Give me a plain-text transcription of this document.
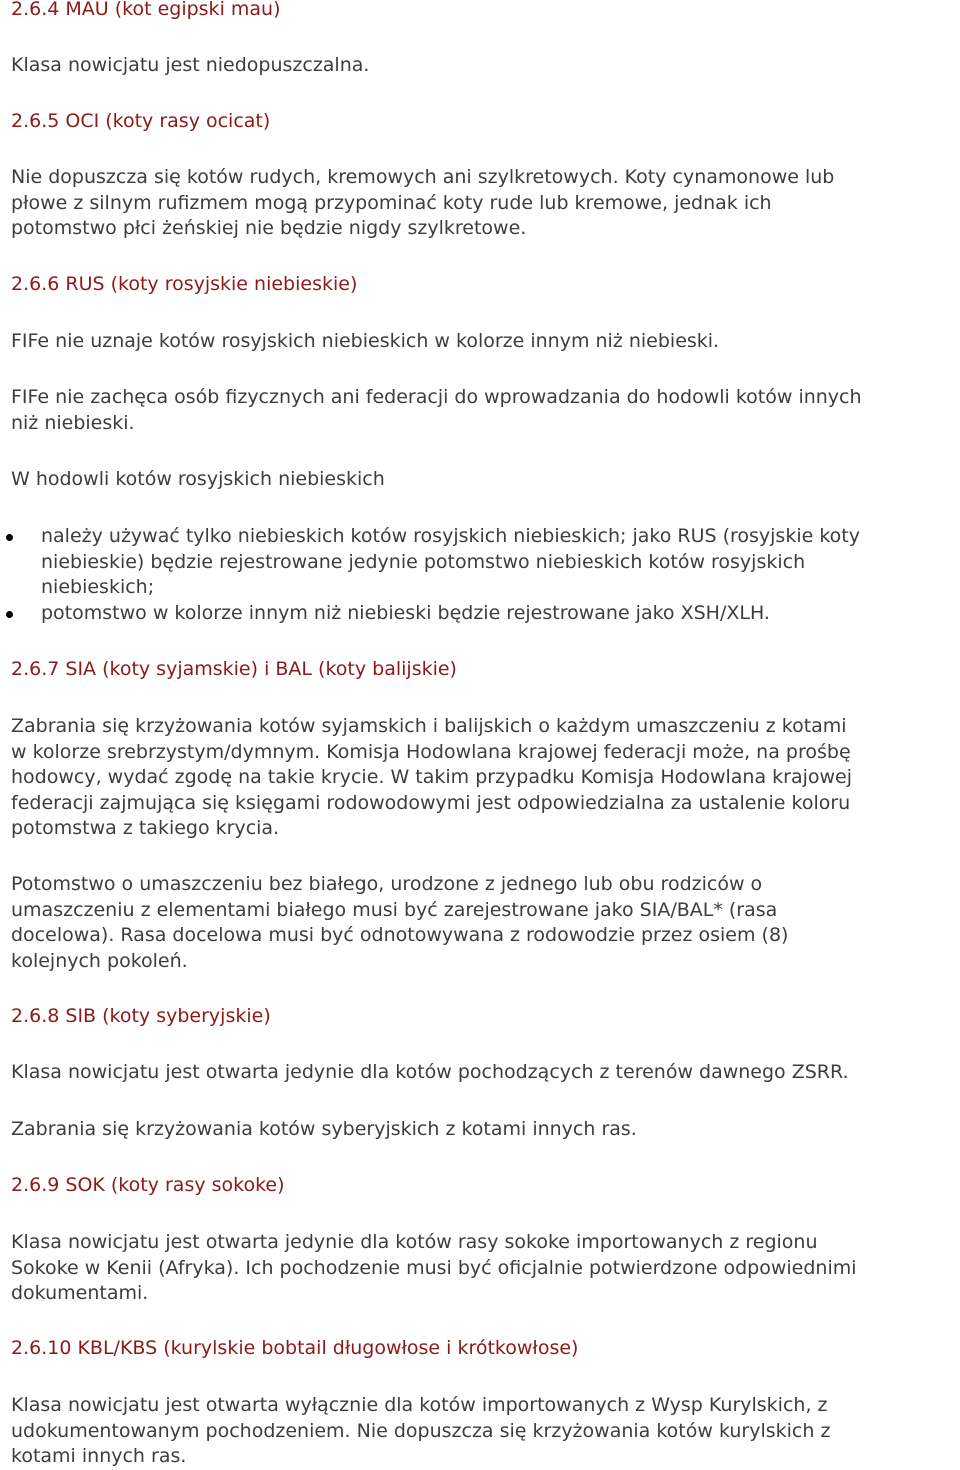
2.6.4 MAU (kot egipski mau)
Klasa nowicjatu jest niedopuszczalna.
2.6.5 OCI (koty rasy ocicat)
Nie dopuszcza się kotów rudych, kremowych ani szylkretowych. Koty cynamonowe lub
płowe z silnym rufizmem mogą przypominać koty rude lub kremowe, jednak ich
potomstwo płci żeńskiej nie będzie nigdy szylkretowe.
2.6.6 RUS (koty rosyjskie niebieskie)
FIFe nie uznaje kotów rosyjskich niebieskich w kolorze innym niż niebieski.
FIFe nie zachęca osób fizycznych ani federacji do wprowadzania do hodowli kotów innych
niż niebieski.
W hodowli kotów rosyjskich niebieskich
należy używać tylko niebieskich kotów rosyjskich niebieskich; jako RUS (rosyjskie koty
niebieskie) będzie rejestrowane jedynie potomstwo niebieskich kotów rosyjskich
niebieskich;
potomstwo w kolorze innym niż niebieski będzie rejestrowane jako XSH/XLH.
2.6.7 SIA (koty syjamskie) i BAL (koty balijskie)
Zabrania się krzyżowania kotów syjamskich i balijskich o każdym umaszczeniu z kotami
w kolorze srebrzystym/dymnym. Komisja Hodowlana krajowej federacji może, na prośbę
hodowcy, wydać zgodę na takie krycie. W takim przypadku Komisja Hodowlana krajowej
federacji zajmująca się księgami rodowodowymi jest odpowiedzialna za ustalenie koloru
potomstwa z takiego krycia.
Potomstwo o umaszczeniu bez białego, urodzone z jednego lub obu rodziców o
umaszczeniu z elementami białego musi być zarejestrowane jako SIA/BAL* (rasa
docelowa). Rasa docelowa musi być odnotowywana z rodowodzie przez osiem (8)
kolejnych pokoleń.
2.6.8 SIB (koty syberyjskie)
Klasa nowicjatu jest otwarta jedynie dla kotów pochodzących z terenów dawnego ZSRR.
Zabrania się krzyżowania kotów syberyjskich z kotami innych ras.
2.6.9 SOK (koty rasy sokoke)
Klasa nowicjatu jest otwarta jedynie dla kotów rasy sokoke importowanych z regionu
Sokoke w Kenii (Afryka). Ich pochodzenie musi być oficjalnie potwierdzone odpowiednimi
dokumentami.
2.6.10 KBL/KBS (kurylskie bobtail długowłose i krótkowłose)
Klasa nowicjatu jest otwarta wyłącznie dla kotów importowanych z Wysp Kurylskich, z
udokumentowanym pochodzeniem. Nie dopuszcza się krzyżowania kotów kurylskich z
kotami innych ras.
